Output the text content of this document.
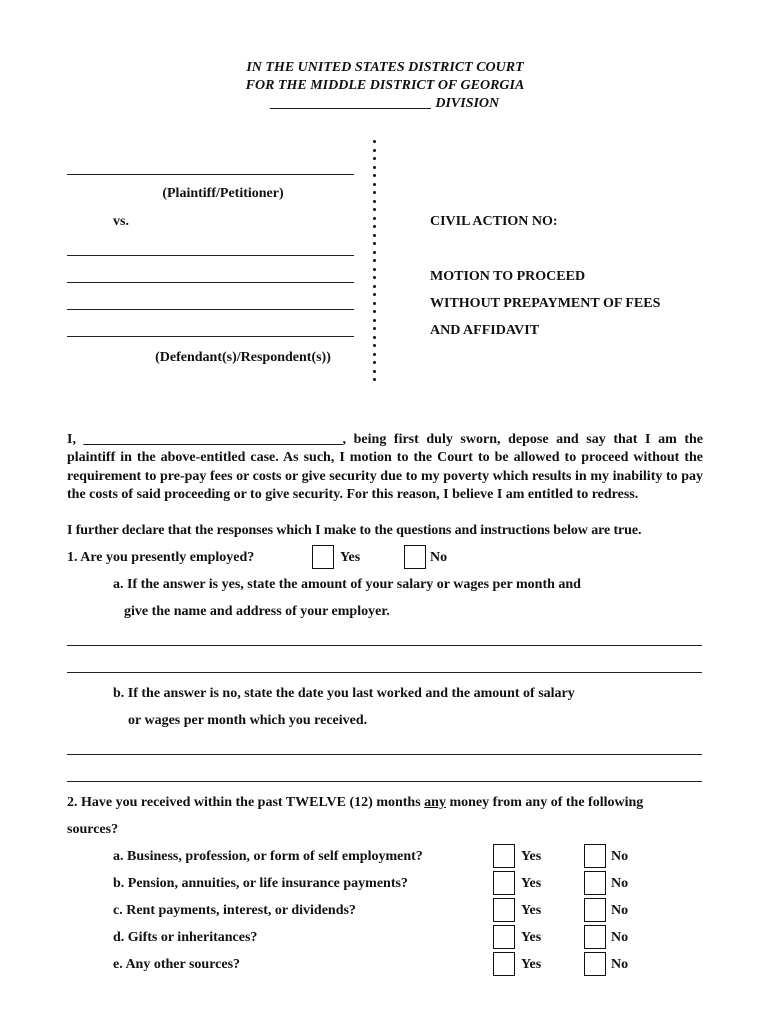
IN THE UNITED STATES DISTRICT COURT
FOR THE MIDDLE DISTRICT OF GEORGIA
_______________________ DIVISION
(Plaintiff/Petitioner)
vs.
(Defendant(s)/Respondent(s))
CIVIL ACTION NO:
MOTION TO PROCEED
WITHOUT PREPAYMENT OF FEES
AND AFFIDAVIT
I, _____________________________________, being first duly sworn, depose and say that I am the plaintiff in the above-entitled case. As such, I motion to the Court to be allowed to proceed without the requirement to pre-pay fees or costs or give security due to my poverty which results in my inability to pay the costs of said proceeding or to give security. For this reason, I believe I am entitled to redress.
I further declare that the responses which I make to the questions and instructions below are true.
1. Are you presently employed?	Yes	No
a. If the answer is yes, state the amount of your salary or wages per month and
give the name and address of your employer.
b. If the answer is no, state the date you last worked and the amount of salary
or wages per month which you received.
2. Have you received within the past TWELVE (12) months any money from any of the following
sources?
a. Business, profession, or form of self employment?	Yes	No
b. Pension, annuities, or life insurance payments?	Yes	No
c. Rent payments, interest, or dividends?	Yes	No
d. Gifts or inheritances?	Yes	No
e. Any other sources?	Yes	No
